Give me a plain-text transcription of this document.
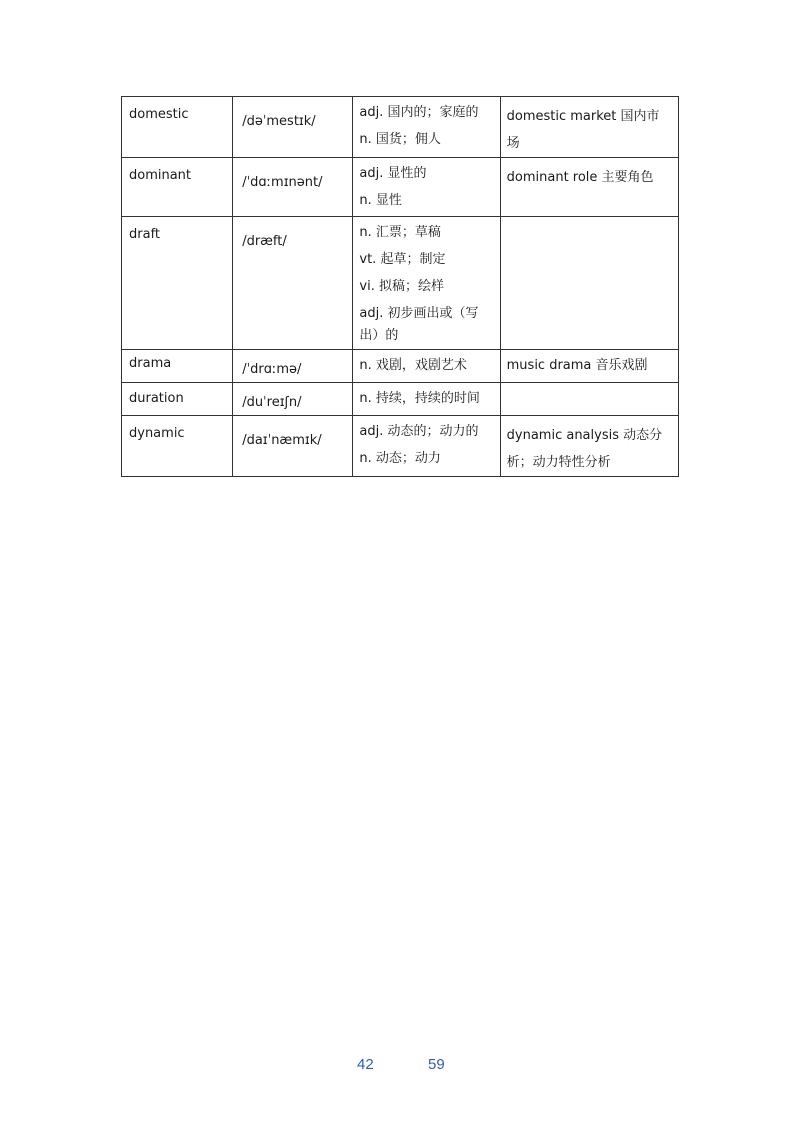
domestic	/dəˈmestɪk/	adj. 国内的；家庭的
n. 国货；佣人	domestic market 国内市场

dominant	/ˈdɑːmɪnənt/	adj. 显性的
n. 显性	dominant role 主要角色

draft	/dræft/	n. 汇票；草稿
vt. 起草；制定
vi. 拟稿；绘样
adj. 初步画出或（写出）的	

drama	/ˈdrɑːmə/	n. 戏剧，戏剧艺术	music drama 音乐戏剧

duration	/duˈreɪʃn/	n. 持续，持续的时间	

dynamic	/daɪˈnæmɪk/	adj. 动态的；动力的
n. 动态；动力	dynamic analysis 动态分析；动力特性分析
42	59
